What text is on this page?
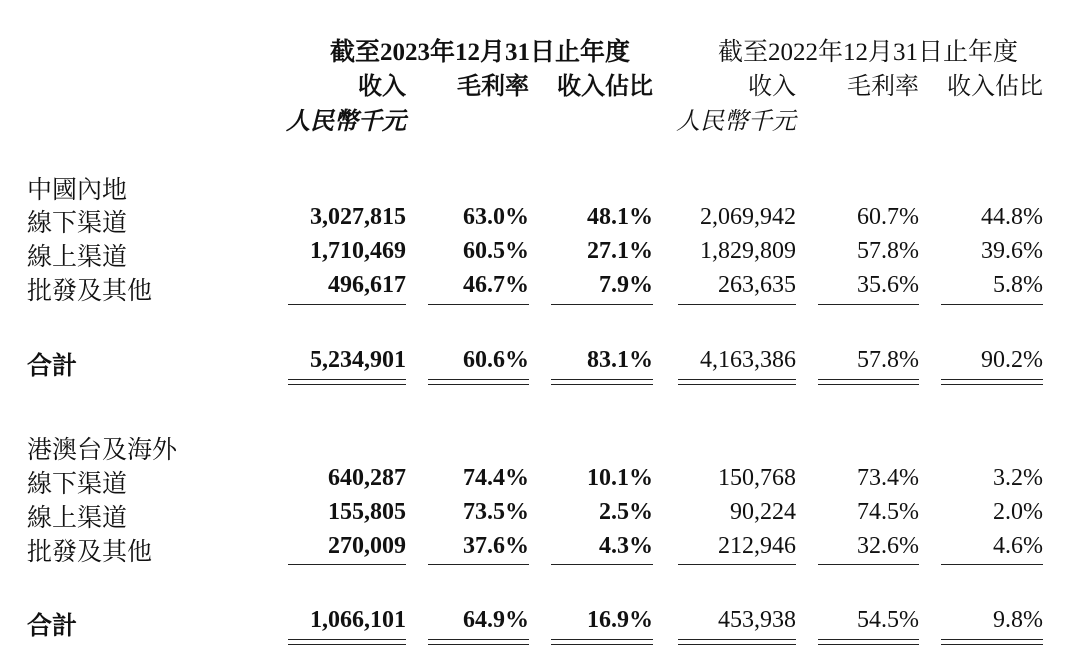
截至2023年12月31日止年度	截至2022年12月31日止年度
收入 毛利率 收入佔比	收入 毛利率 收入佔比
人民幣千元	人民幣千元
中國內地
線下渠道	3,027,815 63.0% 48.1% 2,069,942	60.7%	44.8%
線上渠道	1,710,469 60.5% 27.1% 1,829,809	57.8%	39.6%
批發及其他	496,617 46.7%	7.9%	263,635	35.6%	5.8%
合計	5,234,901 60.6% 83.1% 4,163,386	57.8%	90.2%
港澳台及海外
線下渠道	640,287 74.4% 10.1%	150,768	73.4%	3.2%
線上渠道	155,805 73.5%	2.5%	90,224	74.5%	2.0%
批發及其他	270,009 37.6%	4.3%	212,946	32.6%	4.6%
合計	1,066,101 64.9% 16.9%	453,938	54.5%	9.8%
